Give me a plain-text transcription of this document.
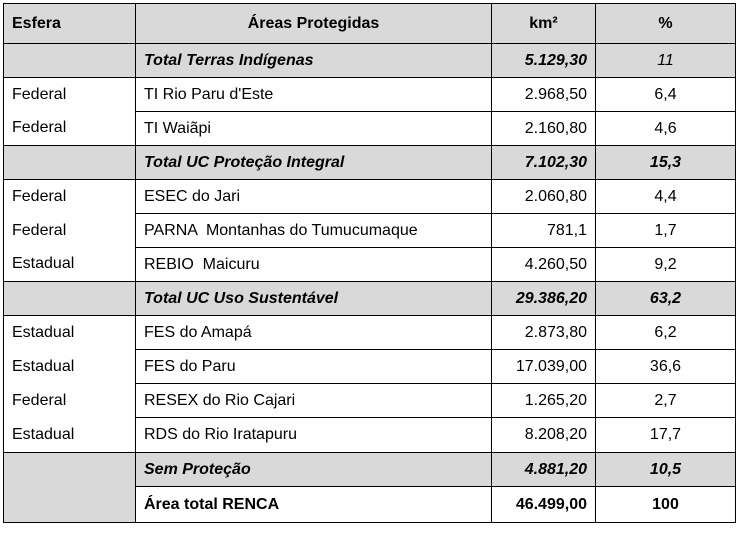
Esfera	Áreas Protegidas	km²	%
	Total Terras Indígenas	5.129,30	11
Federal	TI Rio Paru d'Este	2.968,50	6,4
Federal	TI Waiãpi	2.160,80	4,6
	Total UC Proteção Integral	7.102,30	15,3
Federal	ESEC do Jari	2.060,80	4,4
Federal	PARNA  Montanhas do Tumucumaque	781,1	1,7
Estadual	REBIO  Maicuru	4.260,50	9,2
	Total UC Uso Sustentável	29.386,20	63,2
Estadual	FES do Amapá	2.873,80	6,2
Estadual	FES do Paru	17.039,00	36,6
Federal	RESEX do Rio Cajari	1.265,20	2,7
Estadual	RDS do Rio Iratapuru	8.208,20	17,7
	Sem Proteção	4.881,20	10,5
	Área total RENCA	46.499,00	100
